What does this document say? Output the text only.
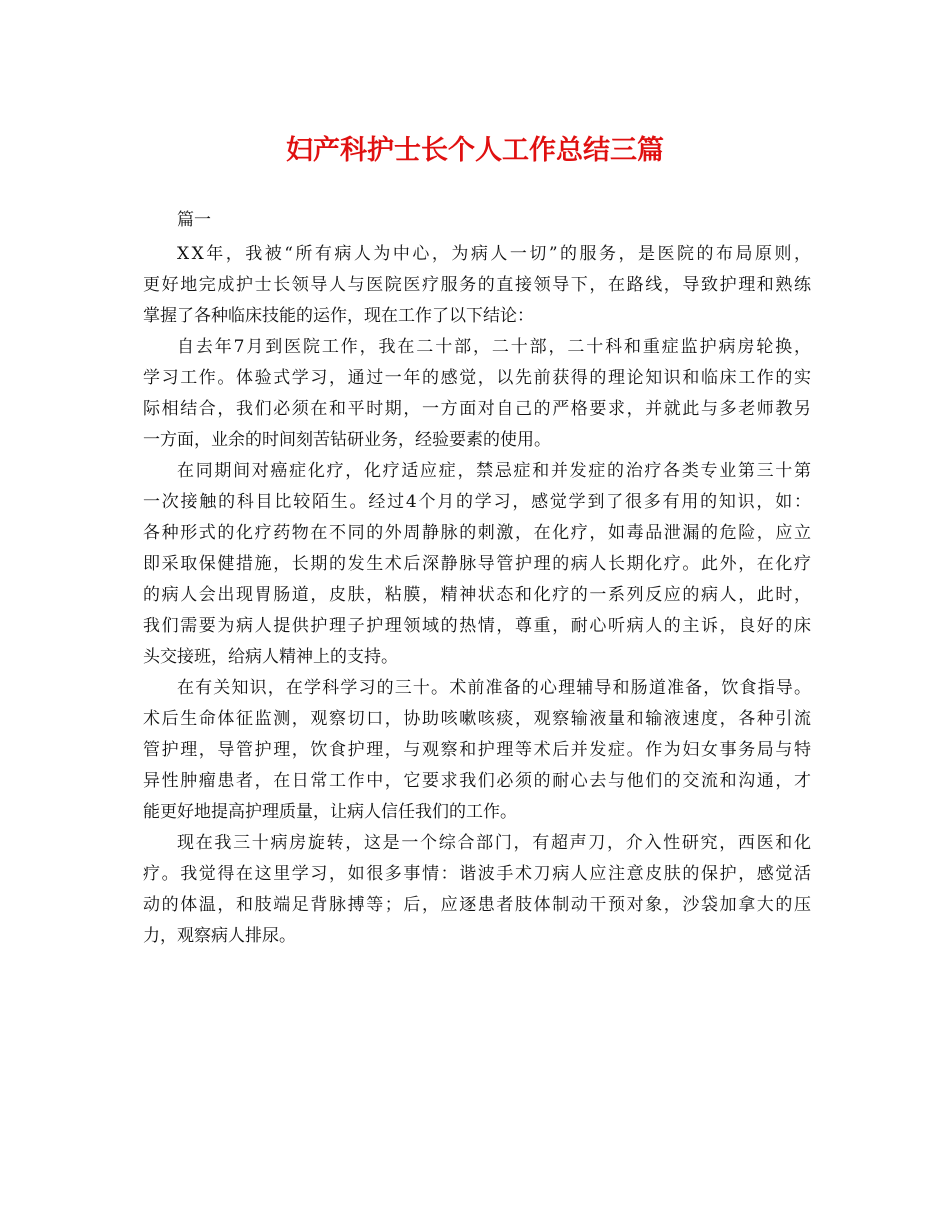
妇产科护士长个人工作总结三篇
篇一
XX年，我被“所有病人为中心，为病人一切”的服务，是医院的布局原则，
更好地完成护士长领导人与医院医疗服务的直接领导下，在路线，导致护理和熟练
掌握了各种临床技能的运作，现在工作了以下结论：
自去年7月到医院工作，我在二十部，二十部，二十科和重症监护病房轮换，
学习工作。体验式学习，通过一年的感觉，以先前获得的理论知识和临床工作的实
际相结合，我们必须在和平时期，一方面对自己的严格要求，并就此与多老师教另
一方面，业余的时间刻苦钻研业务，经验要素的使用。
在同期间对癌症化疗，化疗适应症，禁忌症和并发症的治疗各类专业第三十第
一次接触的科目比较陌生。经过4个月的学习，感觉学到了很多有用的知识，如：
各种形式的化疗药物在不同的外周静脉的刺激，在化疗，如毒品泄漏的危险，应立
即采取保健措施，长期的发生术后深静脉导管护理的病人长期化疗。此外，在化疗
的病人会出现胃肠道，皮肤，粘膜，精神状态和化疗的一系列反应的病人，此时，
我们需要为病人提供护理子护理领域的热情，尊重，耐心听病人的主诉，良好的床
头交接班，给病人精神上的支持。
在有关知识，在学科学习的三十。术前准备的心理辅导和肠道准备，饮食指导。
术后生命体征监测，观察切口，协助咳嗽咳痰，观察输液量和输液速度，各种引流
管护理，导管护理，饮食护理，与观察和护理等术后并发症。作为妇女事务局与特
异性肿瘤患者，在日常工作中，它要求我们必须的耐心去与他们的交流和沟通，才
能更好地提高护理质量，让病人信任我们的工作。
现在我三十病房旋转，这是一个综合部门，有超声刀，介入性研究，西医和化
疗。我觉得在这里学习，如很多事情：谐波手术刀病人应注意皮肤的保护，感觉活
动的体温，和肢端足背脉搏等；后，应逐患者肢体制动干预对象，沙袋加拿大的压
力，观察病人排尿。
